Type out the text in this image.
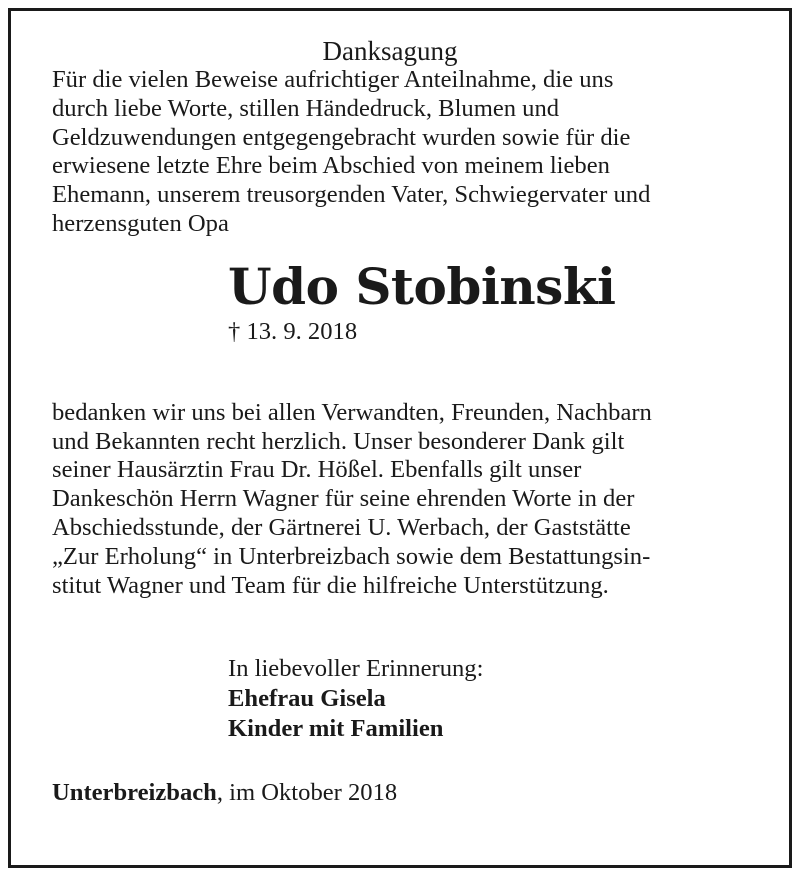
Danksagung
Für die vielen Beweise aufrichtiger Anteilnahme, die uns
durch liebe Worte, stillen Händedruck, Blumen und
Geldzuwendungen entgegengebracht wurden sowie für die
erwiesene letzte Ehre beim Abschied von meinem lieben
Ehemann, unserem treusorgenden Vater, Schwiegervater und
herzensguten Opa
Udo Stobinski
† 13. 9. 2018
bedanken wir uns bei allen Verwandten, Freunden, Nachbarn
und Bekannten recht herzlich. Unser besonderer Dank gilt
seiner Hausärztin Frau Dr. Hößel. Ebenfalls gilt unser
Dankeschön Herrn Wagner für seine ehrenden Worte in der
Abschiedsstunde, der Gärtnerei U. Werbach, der Gaststätte
„Zur Erholung“ in Unterbreizbach sowie dem Bestattungsin-
stitut Wagner und Team für die hilfreiche Unterstützung.
In liebevoller Erinnerung:
Ehefrau Gisela
Kinder mit Familien
Unterbreizbach, im Oktober 2018
